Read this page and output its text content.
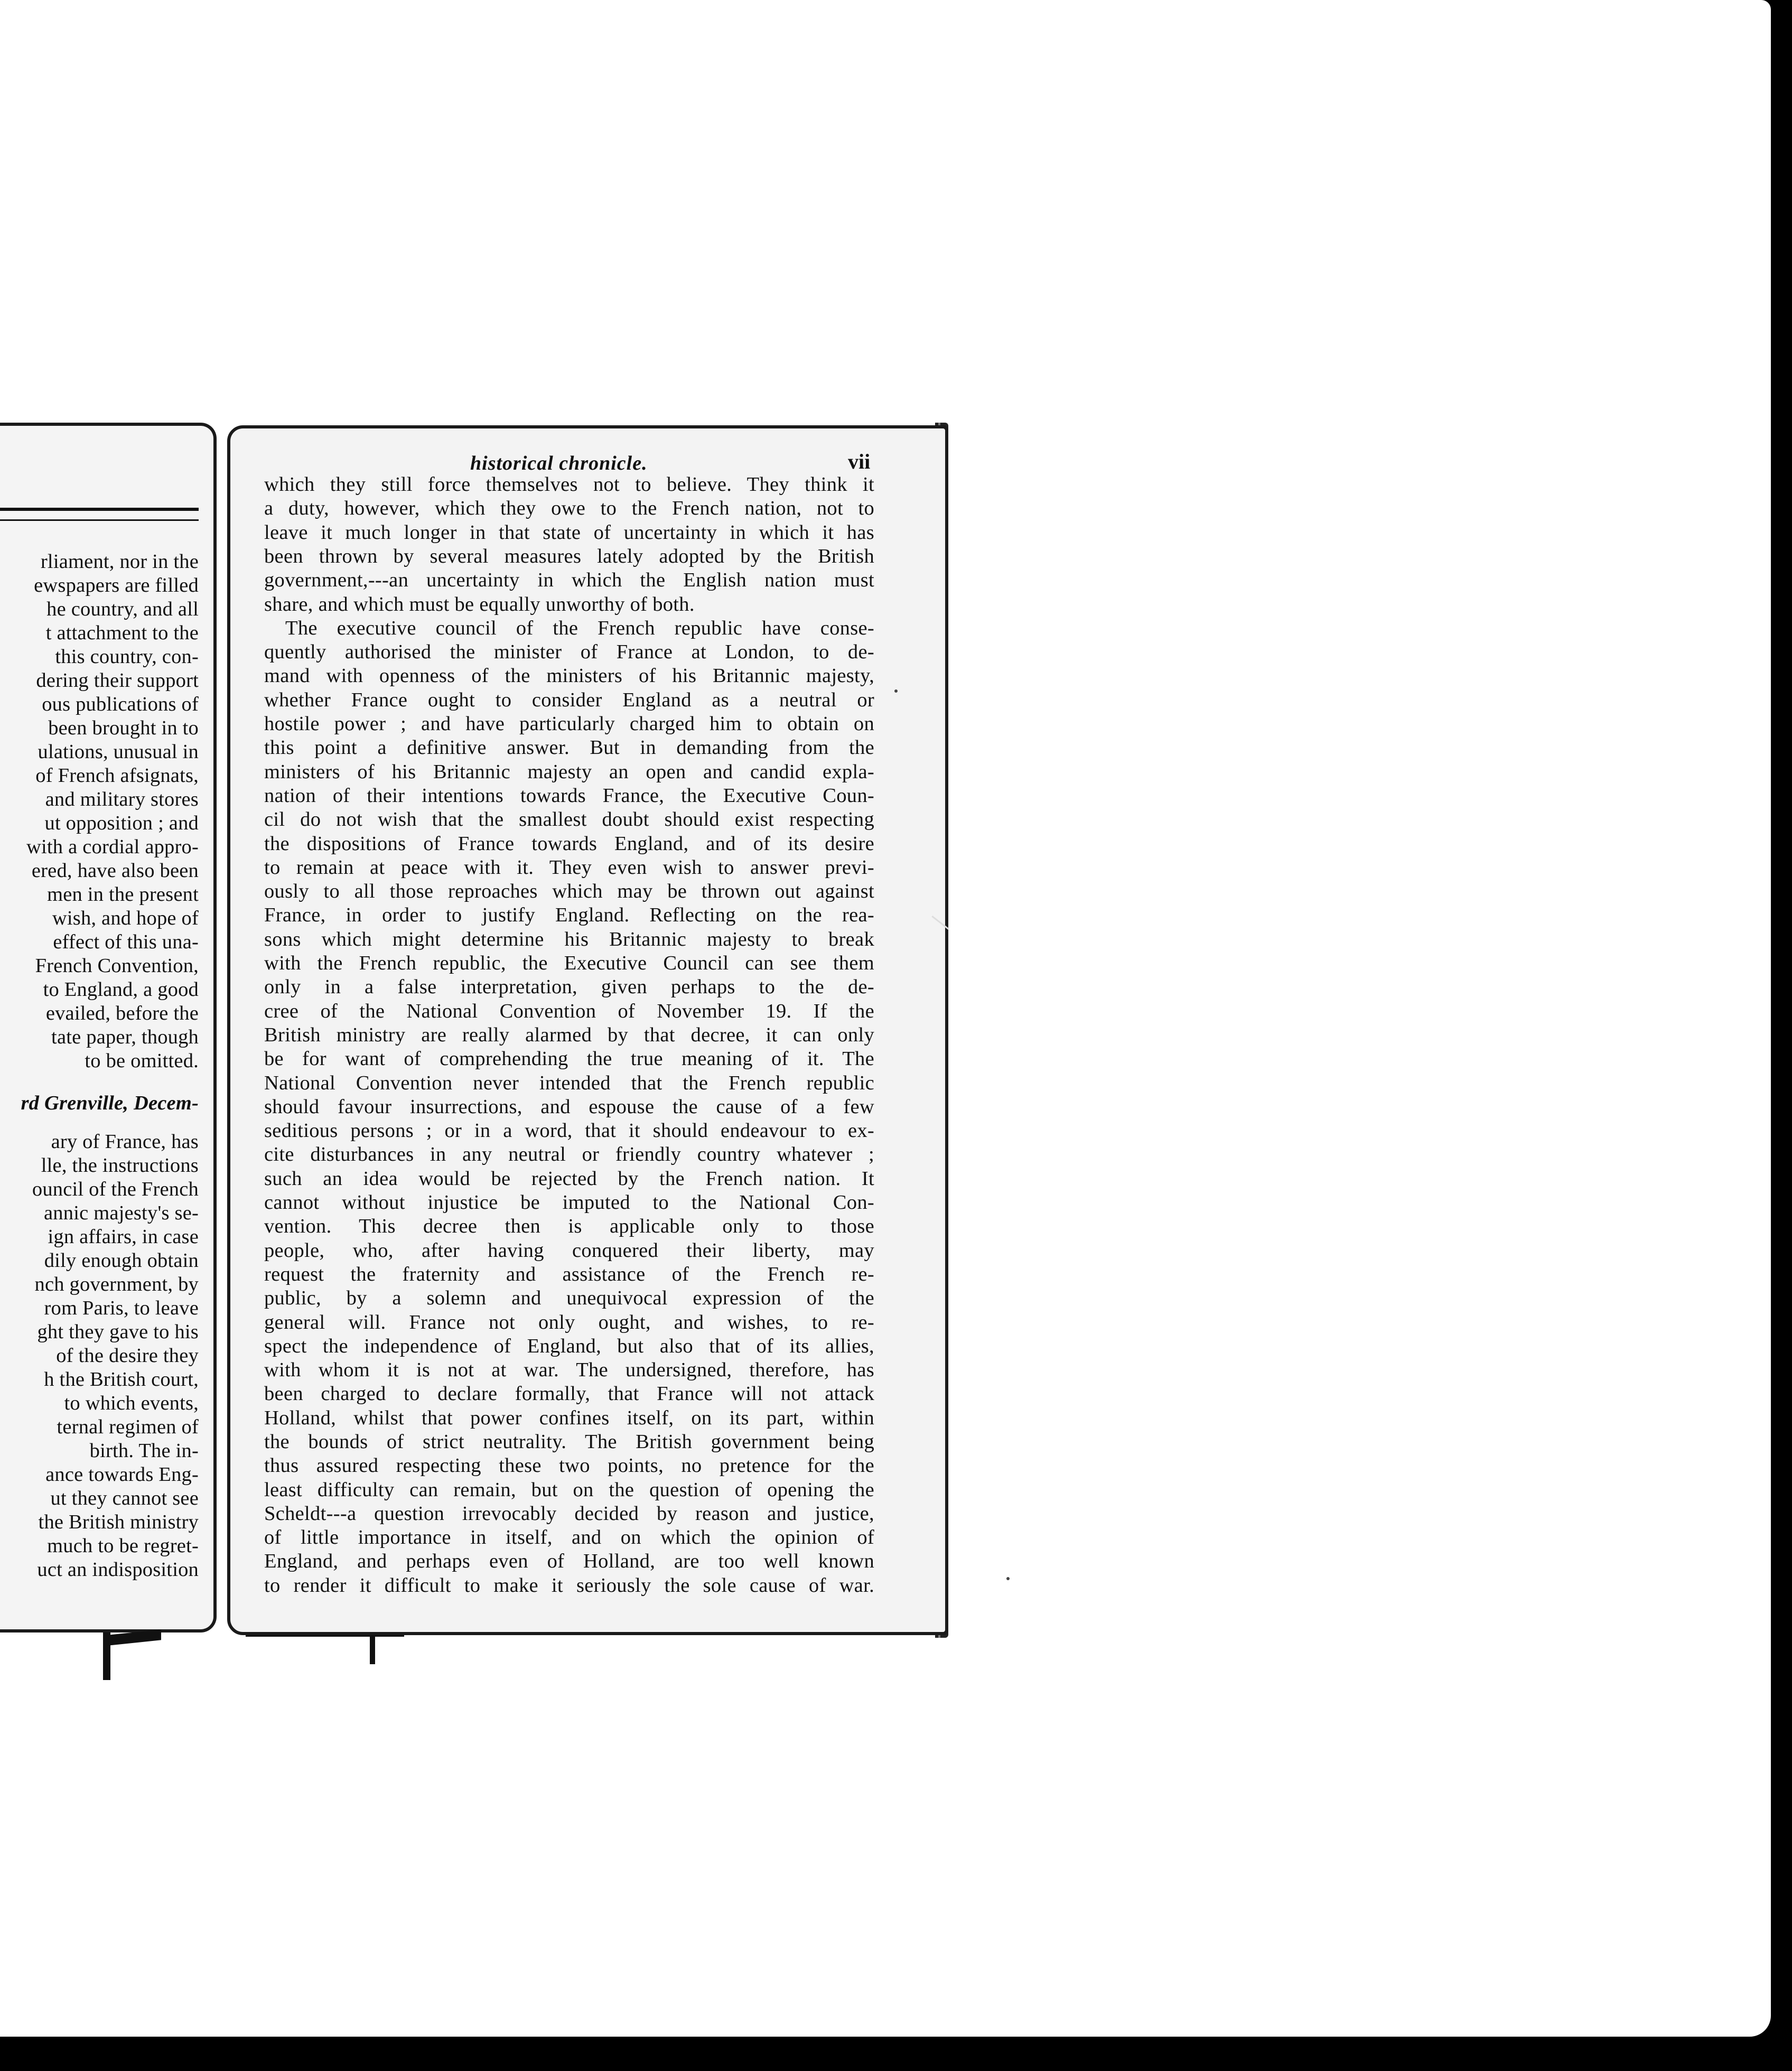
rliament, nor in the
ewspapers are filled
he country, and all
t attachment to the
this country, con-
dering their support
ous publications of
been brought in to
ulations, unusual in
of French afsignats,
and military stores
ut opposition ; and
with a cordial appro-
ered, have also been
men in the present
wish, and hope of
effect of this una-
French Convention,
to England, a good
evailed, before the
tate paper, though
to be omitted.
rd Grenville, Decem-
ary of France, has
lle, the instructions
ouncil of the French
annic majesty's se-
ign affairs, in case
dily enough obtain
nch government, by
rom Paris, to leave
ght they gave to his
of the desire they
h the British court,
to which events,
ternal regimen of
birth. The in-
ance towards Eng-
ut they cannot see
the British ministry
much to be regret-
uct an indisposition
historical chronicle.	vii
which they still force themselves not to believe. They think it
a duty, however, which they owe to the French nation, not to
leave it much longer in that state of uncertainty in which it has
been thrown by several measures lately adopted by the British
government,---an uncertainty in which the English nation must
share, and which must be equally unworthy of both.
The executive council of the French republic have conse-
quently authorised the minister of France at London, to de-
mand with openness of the ministers of his Britannic majesty,
whether France ought to consider England as a neutral or
hostile power ; and have particularly charged him to obtain on
this point a definitive answer. But in demanding from the
ministers of his Britannic majesty an open and candid expla-
nation of their intentions towards France, the Executive Coun-
cil do not wish that the smallest doubt should exist respecting
the dispositions of France towards England, and of its desire
to remain at peace with it. They even wish to answer previ-
ously to all those reproaches which may be thrown out against
France, in order to justify England. Reflecting on the rea-
sons which might determine his Britannic majesty to break
with the French republic, the Executive Council can see them
only in a false interpretation, given perhaps to the de-
cree of the National Convention of November 19. If the
British ministry are really alarmed by that decree, it can only
be for want of comprehending the true meaning of it. The
National Convention never intended that the French republic
should favour insurrections, and espouse the cause of a few
seditious persons ; or in a word, that it should endeavour to ex-
cite disturbances in any neutral or friendly country whatever ;
such an idea would be rejected by the French nation. It
cannot without injustice be imputed to the National Con-
vention. This decree then is applicable only to those
people, who, after having conquered their liberty, may
request the fraternity and assistance of the French re-
public, by a solemn and unequivocal expression of the
general will. France not only ought, and wishes, to re-
spect the independence of England, but also that of its allies,
with whom it is not at war. The undersigned, therefore, has
been charged to declare formally, that France will not attack
Holland, whilst that power confines itself, on its part, within
the bounds of strict neutrality. The British government being
thus assured respecting these two points, no pretence for the
least difficulty can remain, but on the question of opening the
Scheldt---a question irrevocably decided by reason and justice,
of little importance in itself, and on which the opinion of
England, and perhaps even of Holland, are too well known
to render it difficult to make it seriously the sole cause of war.
